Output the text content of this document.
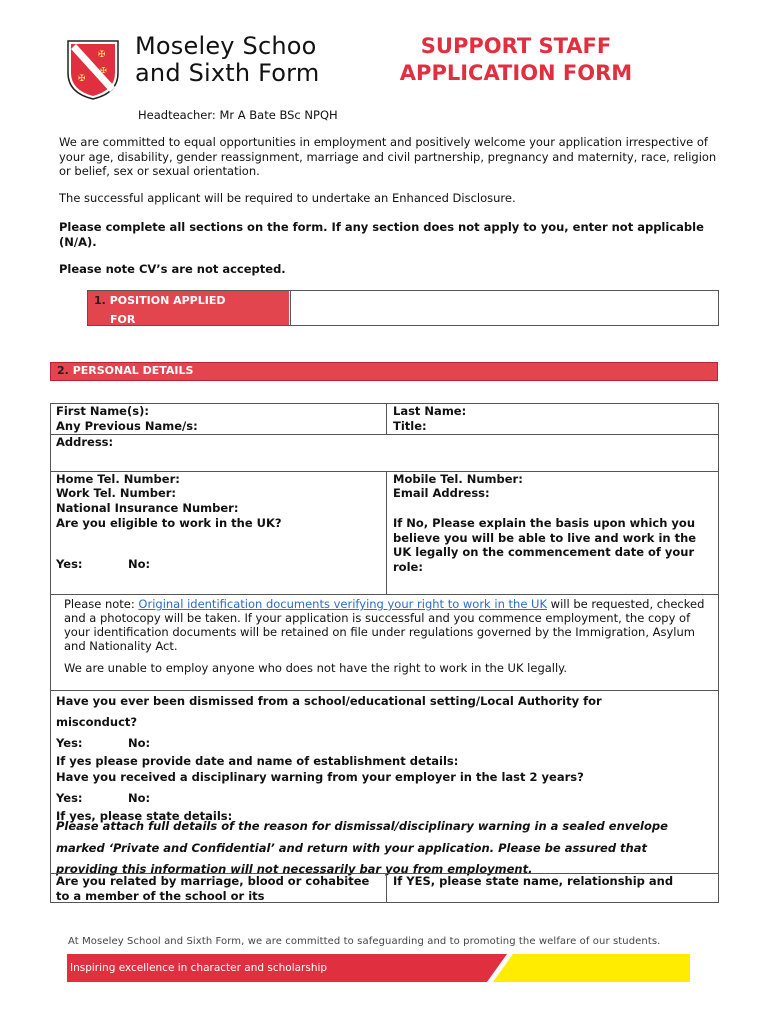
✠
✠
✠
Moseley Schoo
and Sixth Form
SUPPORT STAFF
APPLICATION FORM
Headteacher: Mr A Bate BSc NPQH
We are committed to equal opportunities in employment and positively welcome your application irrespective of your age, disability, gender reassignment, marriage and civil partnership, pregnancy and maternity, race, religion or belief, sex or sexual orientation.
The successful applicant will be required to undertake an Enhanced Disclosure.
Please complete all sections on the form. If any section does not apply to you, enter not applicable (N/A).
Please note CV’s are not accepted.
1. POSITION APPLIED
FOR
2. PERSONAL DETAILS
First Name(s):	Last Name:
Any Previous Name/s:	Title:
Address:
Home Tel. Number:	Mobile Tel. Number:
Work Tel. Number:	Email Address:
National Insurance Number:
Are you eligible to work in the UK?
Yes:	No:
If No, Please explain the basis upon which you believe you will be able to live and work in the UK legally on the commencement date of your role:
Please note: Original identification documents verifying your right to work in the UK will be requested, checked and a photocopy will be taken. If your application is successful and you commence employment, the copy of your identification documents will be retained on file under regulations governed by the Immigration, Asylum and Nationality Act.
We are unable to employ anyone who does not have the right to work in the UK legally.
Have you ever been dismissed from a school/educational setting/Local Authority for misconduct?
Yes:	No:
If yes please provide date and name of establishment details:
Have you received a disciplinary warning from your employer in the last 2 years?
Yes:	No:
If yes, please state details:
Please attach full details of the reason for dismissal/disciplinary warning in a sealed envelope marked ‘Private and Confidential’ and return with your application. Please be assured that providing this information will not necessarily bar you from employment.
Are you related by marriage, blood or cohabitee to a member of the school or its
If YES, please state name, relationship and
At Moseley School and Sixth Form, we are committed to safeguarding and to promoting the welfare of our students.
Inspiring excellence in character and scholarship
